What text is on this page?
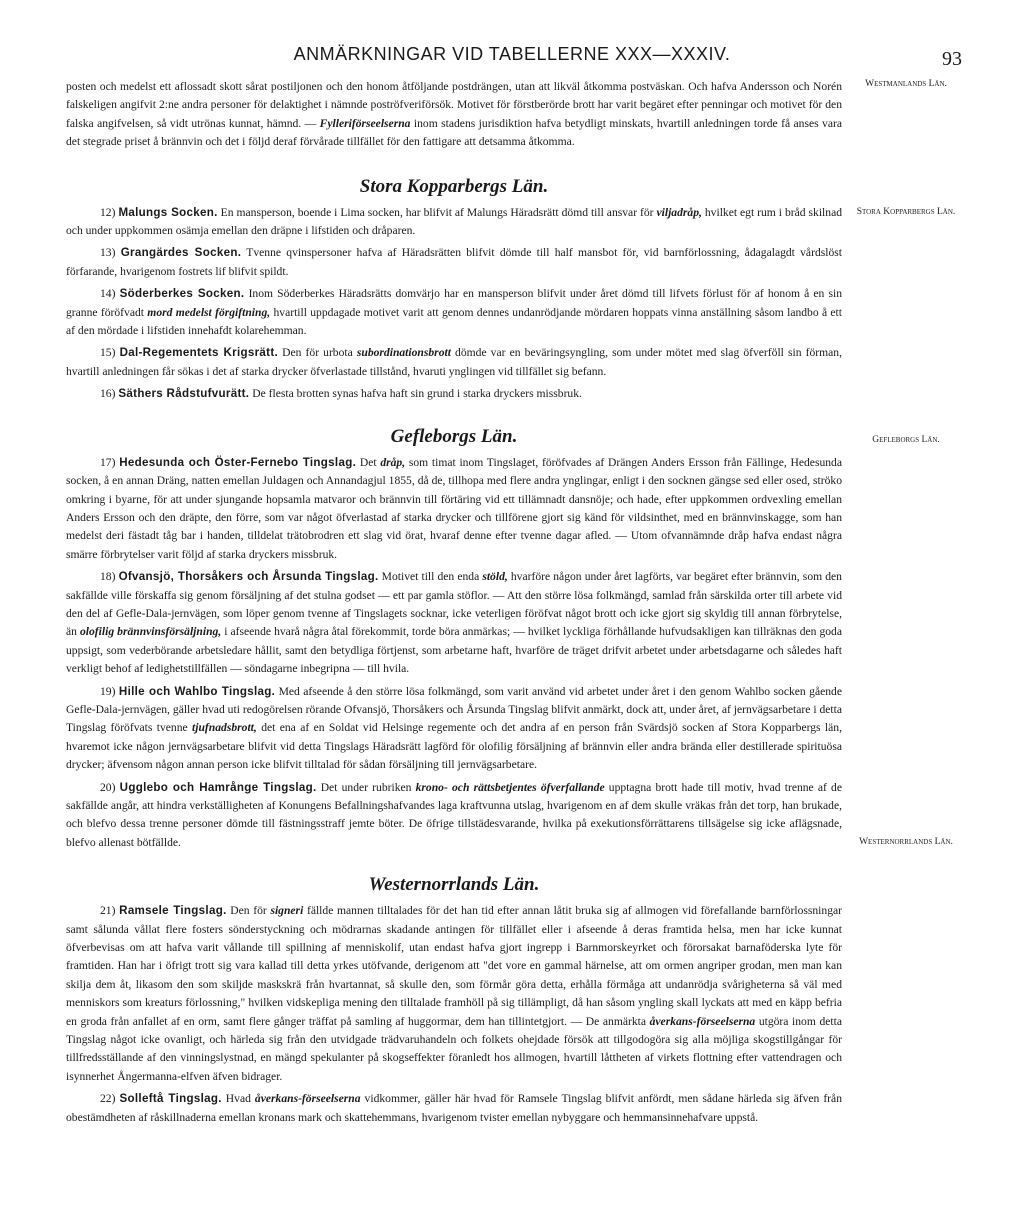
ANMÄRKNINGAR VID TABELLERNE XXX—XXXIV.	93

posten och medelst ett aflossadt skott sårat postiljonen och den honom åtföljande postdrängen, utan att likväl åtkomma postväskan. Och hafva Andersson och Norén falskeligen angifvit 2:ne andra personer för delaktighet i nämnde poströfveriförsök. Motivet för förstberörde brott har varit begäret efter penningar och motivet för den falska angifvelsen, så vidt utrönas kunnat, hämnd. — Fylleriförseelserna inom stadens jurisdiktion hafva betydligt minskats, hvartill anledningen torde få anses vara det stegrade priset å brännvin och det i följd deraf förvårade tillfället för den fattigare att detsamma åtkomma.

Stora Kopparbergs Län.

12) Malungs Socken. En mansperson, boende i Lima socken, har blifvit af Malungs Häradsrätt dömd till ansvar för viljadråp, hvilket egt rum i bråd skilnad och under uppkommen osämja emellan den dräpne i lifstiden och dråparen.

13) Grangärdes Socken. Tvenne qvinspersoner hafva af Häradsrätten blifvit dömde till half mansbot för, vid barnförlossning, ådagalagdt vårdslöst förfarande, hvarigenom fostrets lif blifvit spildt.

14) Söderberkes Socken. Inom Söderberkes Häradsrätts domvärjo har en mansperson blifvit under året dömd till lifvets förlust för af honom å en sin granne föröfvadt mord medelst förgiftning, hvartill uppdagade motivet varit att genom dennes undanrödjande mördaren hoppats vinna anställning såsom landbo å ett af den mördade i lifstiden innehafdt kolarehemman.

15) Dal-Regementets Krigsrätt. Den för urbota subordinationsbrott dömde var en beväringsyngling, som under mötet med slag öfverföll sin förman, hvartill anledningen får sökas i det af starka drycker öfverlastade tillstånd, hvaruti ynglingen vid tillfället sig befann.

16) Säthers Rådstufvurätt. De flesta brotten synas hafva haft sin grund i starka dryckers missbruk.

Gefleborgs Län.

17) Hedesunda och Öster-Fernebo Tingslag. Det dråp, som timat inom Tingslaget, föröfvades af Drängen Anders Ersson från Fällinge, Hedesunda socken, å en annan Dräng, natten emellan Juldagen och Annandagjul 1855, då de, tillhopa med flere andra ynglingar, enligt i den socknen gängse sed eller osed, ströko omkring i byarne, för att under sjungande hopsamla matvaror och brännvin till förtäring vid ett tillämnadt dansnöje; och hade, efter uppkommen ordvexling emellan Anders Ersson och den dräpte, den förre, som var något öfverlastad af starka drycker och tillförene gjort sig känd för vildsinthet, med en brännvinskagge, som han medelst deri fästadt tåg bar i handen, tilldelat trätobrodren ett slag vid örat, hvaraf denne efter tvenne dagar afled. — Utom ofvannämnde dråp hafva endast några smärre förbrytelser varit följd af starka dryckers missbruk.

18) Ofvansjö, Thorsåkers och Årsunda Tingslag. Motivet till den enda stöld, hvarföre någon under året lagförts, var begäret efter brännvin, som den sakfällde ville förskaffa sig genom försäljning af det stulna godset — ett par gamla stöflor. — Att den större lösa folkmängd, samlad från särskilda orter till arbete vid den del af Gefle-Dala-jernvägen, som löper genom tvenne af Tingslagets socknar, icke veterligen föröfvat något brott och icke gjort sig skyldig till annan förbrytelse, än olofilig brännvinsförsäljning, i afseende hvarå några åtal förekommit, torde böra anmärkas; — hvilket lyckliga förhållande hufvudsakligen kan tillräknas den goda uppsigt, som vederbörande arbetsledare hållit, samt den betydliga förtjenst, som arbetarne haft, hvarföre de träget drifvit arbetet under arbetsdagarne och således haft verkligt behof af ledighetstillfällen — söndagarne inbegripna — till hvila.

19) Hille och Wahlbo Tingslag. Med afseende å den större lösa folkmängd, som varit använd vid arbetet under året i den genom Wahlbo socken gående Gefle-Dala-jernvägen, gäller hvad uti redogörelsen rörande Ofvansjö, Thorsåkers och Årsunda Tingslag blifvit anmärkt, dock att, under året, af jernvägsarbetare i detta Tingslag föröfvats tvenne tjufnadsbrott, det ena af en Soldat vid Helsinge regemente och det andra af en person från Svärdsjö socken af Stora Kopparbergs län, hvaremot icke någon jernvägsarbetare blifvit vid detta Tingslags Häradsrätt lagförd för olofilig försäljning af brännvin eller andra brända eller destillerade spirituösa drycker; äfvensom någon annan person icke blifvit tilltalad för sådan försäljning till jernvägsarbetare.

20) Ugglebo och Hamrånge Tingslag. Det under rubriken krono- och rättsbetjentes öfverfallande upptagna brott hade till motiv, hvad trenne af de sakfällde angår, att hindra verkställigheten af Konungens Befallningshafvandes laga kraftvunna utslag, hvarigenom en af dem skulle vräkas från det torp, han brukade, och blefvo dessa trenne personer dömde till fästningsstraff jemte böter. De öfrige tillstädesvarande, hvilka på exekutionsförrättarens tillsägelse sig icke aflägsnade, blefvo allenast bötfällde.

Westernorrlands Län.

21) Ramsele Tingslag. Den för signeri fällde mannen tilltalades för det han tid efter annan låtit bruka sig af allmogen vid förefallande barnförlossningar samt sålunda vållat flere fosters sönderstyckning och mödrarnas skadande antingen för tillfället eller i afseende å deras framtida helsa, men har icke kunnat öfverbevisas om att hafva varit vållande till spillning af menniskolif, utan endast hafva gjort ingrepp i Barnmorskeyrket och förorsakat barnaföderska lyte för framtiden. Han har i öfrigt trott sig vara kallad till detta yrkes utöfvande, derigenom att "det vore en gammal härnelse, att om ormen angriper grodan, men man kan skilja dem åt, likasom den som skiljde maskskrä från hvartannat, så skulle den, som förmår göra detta, erhålla förmåga att undanrödja svårigheterna så väl med menniskors som kreaturs förlossning," hvilken vidskepliga mening den tilltalade framhöll på sig tillämpligt, då han såsom yngling skall lyckats att med en käpp befria en groda från anfallet af en orm, samt flere gånger träffat på samling af huggormar, dem han tillintetgjort. — De anmärkta åverkans-förseelserna utgöra inom detta Tingslag något icke ovanligt, och härleda sig från den utvidgade trädvaruhandeln och folkets ohejdade försök att tillgodogöra sig alla möjliga skogstillgångar för tillfredsställande af den vinningslystnad, en mängd spekulanter på skogseffekter föranledt hos allmogen, hvartill låttheten af virkets flottning efter vattendragen och isynnerhet Ångermanna-elfven äfven bidrager.

22) Solleftå Tingslag. Hvad åverkans-förseelserna vidkommer, gäller här hvad för Ramsele Tingslag blifvit anfördt, men sådane härleda sig äfven från obestämdheten af råskillnaderna emellan kronans mark och skattehemmans, hvarigenom tvister emellan nybyggare och hemmansinnehafvare uppstå.

Westmanlands Län.
Stora Kopparbergs Län.
Gefleborgs Län.
Westernorrlands Län.
